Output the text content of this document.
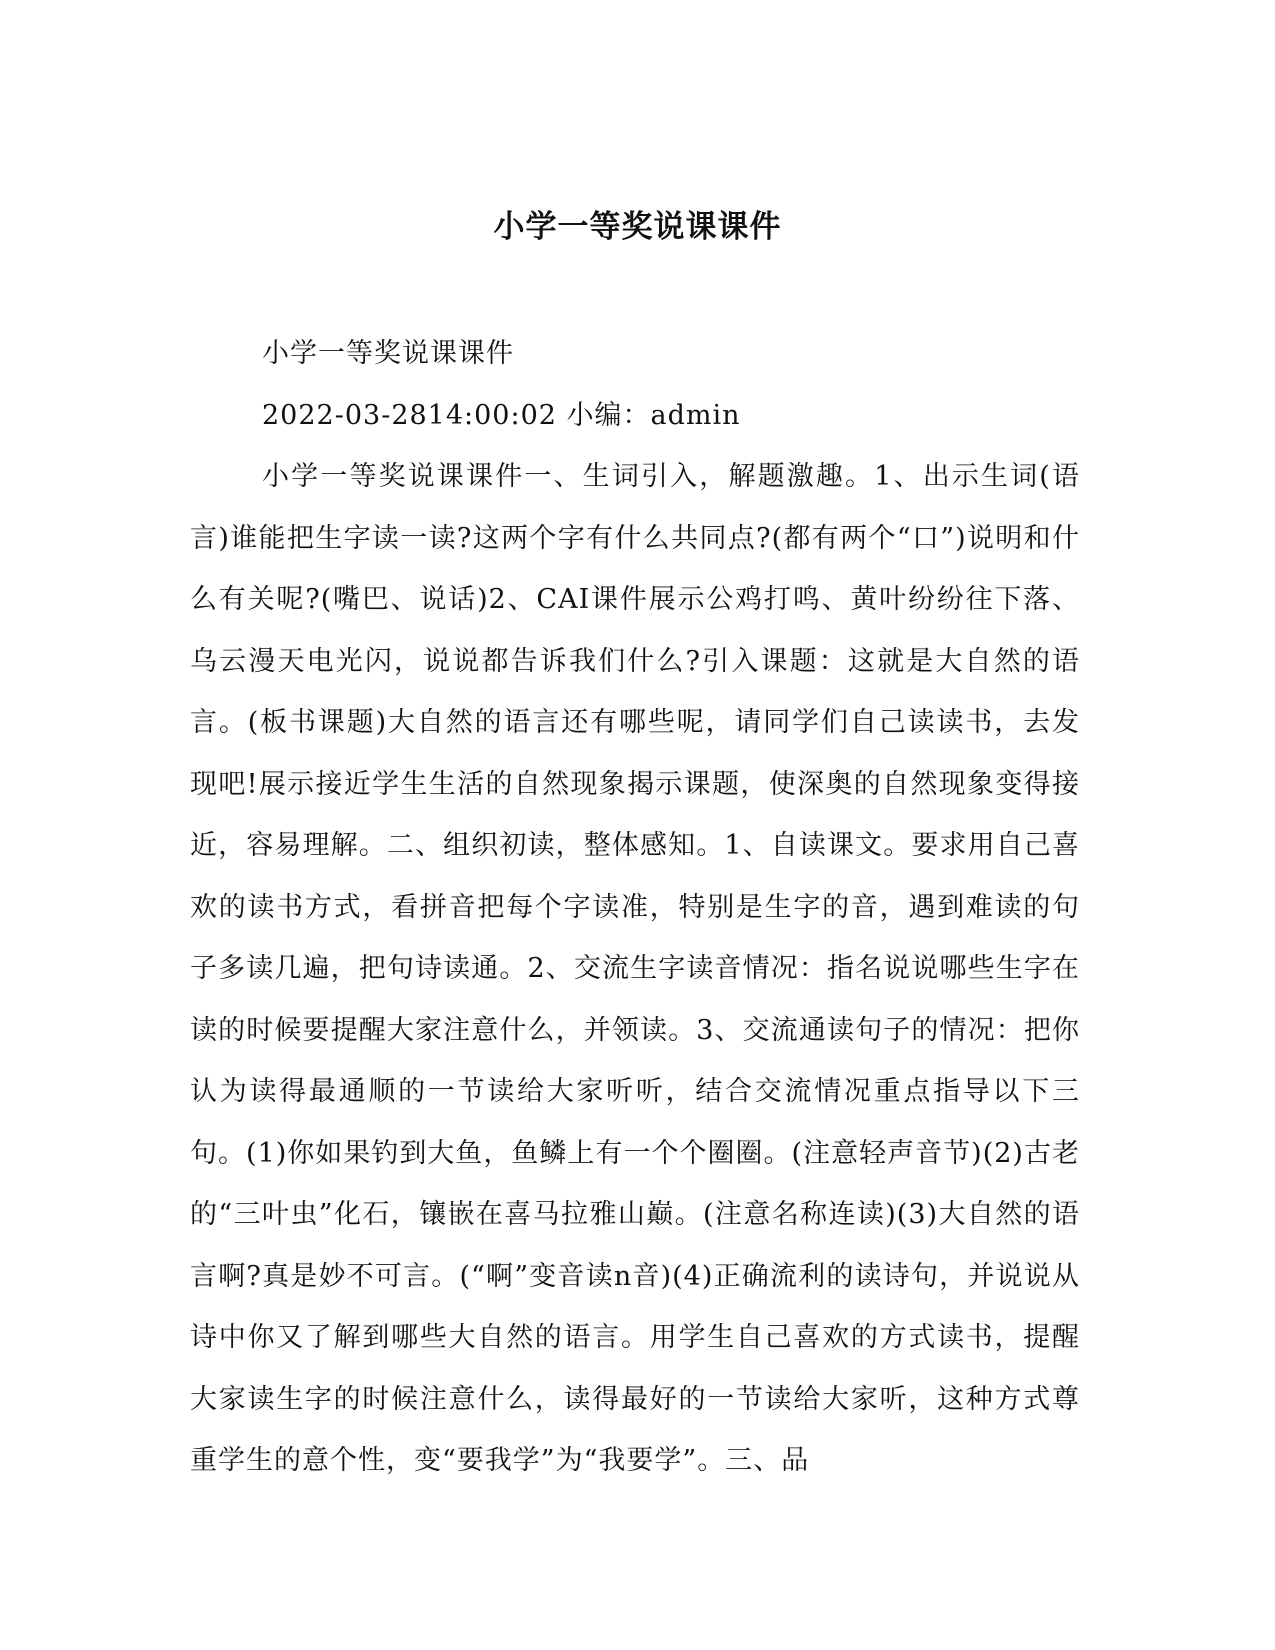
小学一等奖说课课件

小学一等奖说课课件

2022-03-2814:00:02 小编：admin

小学一等奖说课课件一、生词引入，解题激趣。1、出示生词(语言)谁能把生字读一读?这两个字有什么共同点?(都有两个“口”)说明和什么有关呢?(嘴巴、说话)2、CAI课件展示公鸡打鸣、黄叶纷纷往下落、乌云漫天电光闪，说说都告诉我们什么?引入课题：这就是大自然的语言。(板书课题)大自然的语言还有哪些呢，请同学们自己读读书，去发现吧!展示接近学生生活的自然现象揭示课题，使深奥的自然现象变得接近，容易理解。二、组织初读，整体感知。1、自读课文。要求用自己喜欢的读书方式，看拼音把每个字读准，特别是生字的音，遇到难读的句子多读几遍，把句诗读通。2、交流生字读音情况：指名说说哪些生字在读的时候要提醒大家注意什么，并领读。3、交流通读句子的情况：把你认为读得最通顺的一节读给大家听听，结合交流情况重点指导以下三句。(1)你如果钓到大鱼，鱼鳞上有一个个圈圈。(注意轻声音节)(2)古老的“三叶虫”化石，镶嵌在喜马拉雅山巅。(注意名称连读)(3)大自然的语言啊?真是妙不可言。(“啊”变音读n音)(4)正确流利的读诗句，并说说从诗中你又了解到哪些大自然的语言。用学生自己喜欢的方式读书，提醒大家读生字的时候注意什么，读得最好的一节读给大家听，这种方式尊重学生的意个性，变“要我学”为“我要学”。三、品
